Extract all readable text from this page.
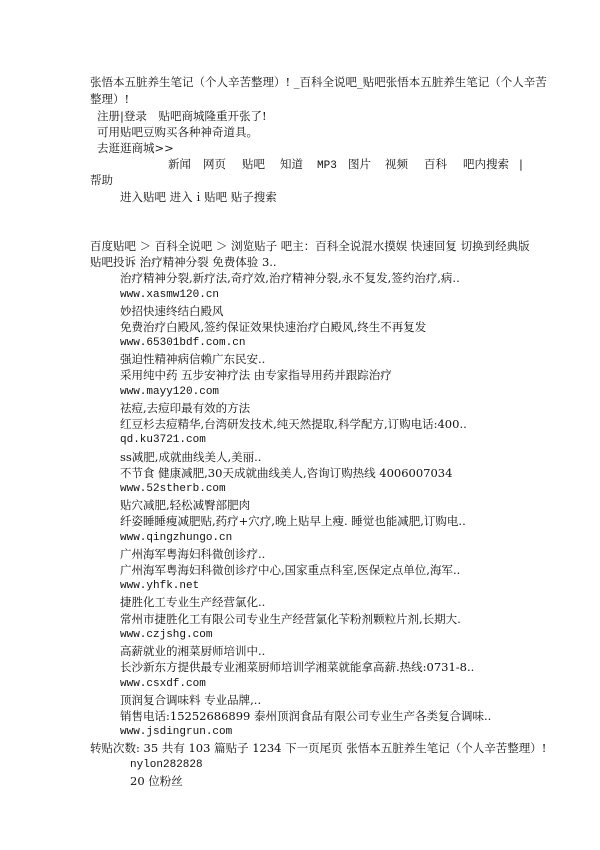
张悟本五脏养生笔记（个人辛苦整理）! _百科全说吧_贴吧张悟本五脏养生笔记（个人辛苦
整理）!
注册|登录 贴吧商城隆重开张了!
可用贴吧豆购买各种神奇道具。
去逛逛商城>>
新闻 网页 贴吧 知道 MP3 图片 视频 百科 吧内搜索 |
帮助
进入贴吧 进入ｉ贴吧 贴子搜索
百度贴吧 ＞ 百科全说吧 ＞ 浏览贴子 吧主：百科全说混水摸娱 快速回复 切换到经典版
贴吧投诉 治疗精神分裂 免费体验 3..
治疗精神分裂,新疗法,奇疗效,治疗精神分裂,永不复发,签约治疗,病..
www.xasmw120.cn
妙招快速终结白殿风
免费治疗白殿风,签约保证效果快速治疗白殿风,终生不再复发
www.65301bdf.com.cn
强迫性精神病信赖广东民安..
采用纯中药 五步安神疗法 由专家指导用药并跟踪治疗
www.mayy120.com
祛痘,去痘印最有效的方法
红豆杉去痘精华,台湾研发技术,纯天然提取,科学配方,订购电话:400..
qd.ku3721.com
ss减肥,成就曲线美人,美丽..
不节食 健康减肥,30天成就曲线美人,咨询订购热线 4006007034
www.52stherb.com
贴穴减肥,轻松减臀部肥肉
纤姿睡睡瘦减肥贴,药疗+穴疗,晚上贴早上瘦. 睡觉也能减肥,订购电..
www.qingzhungo.cn
广州海军粤海妇科微创诊疗..
广州海军粤海妇科微创诊疗中心,国家重点科室,医保定点单位,海军..
www.yhfk.net
捷胜化工专业生产经营氯化..
常州市捷胜化工有限公司专业生产经营氯化苄粉剂颗粒片剂,长期大.
www.czjshg.com
高薪就业的湘菜厨师培训中..
长沙新东方提供最专业湘菜厨师培训学湘菜就能拿高薪.热线:0731-8..
www.csxdf.com
顶润复合调味料 专业品牌,..
销售电话:15252686899 泰州顶润食品有限公司专业生产各类复合调味..
www.jsdingrun.com
转贴次数: 35 共有 103 篇贴子 1234 下一页尾页 张悟本五脏养生笔记（个人辛苦整理）!
nylon282828
20 位粉丝
